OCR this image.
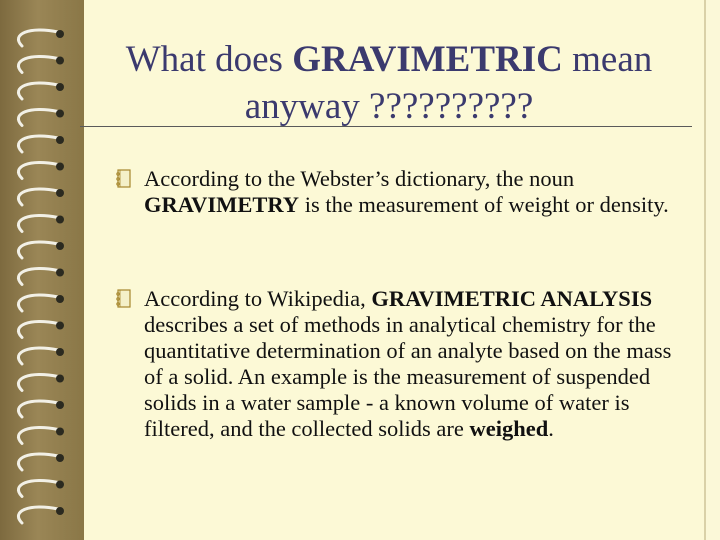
What does GRAVIMETRIC mean
anyway ??????????
According to the Webster’s dictionary, the noun GRAVIMETRY is the measurement of weight or density.
According to Wikipedia, GRAVIMETRIC ANALYSIS describes a set of methods in analytical chemistry for the quantitative determination of an analyte based on the mass of a solid. An example is the measurement of suspended solids in a water sample - a known volume of water is filtered, and the collected solids are weighed.
